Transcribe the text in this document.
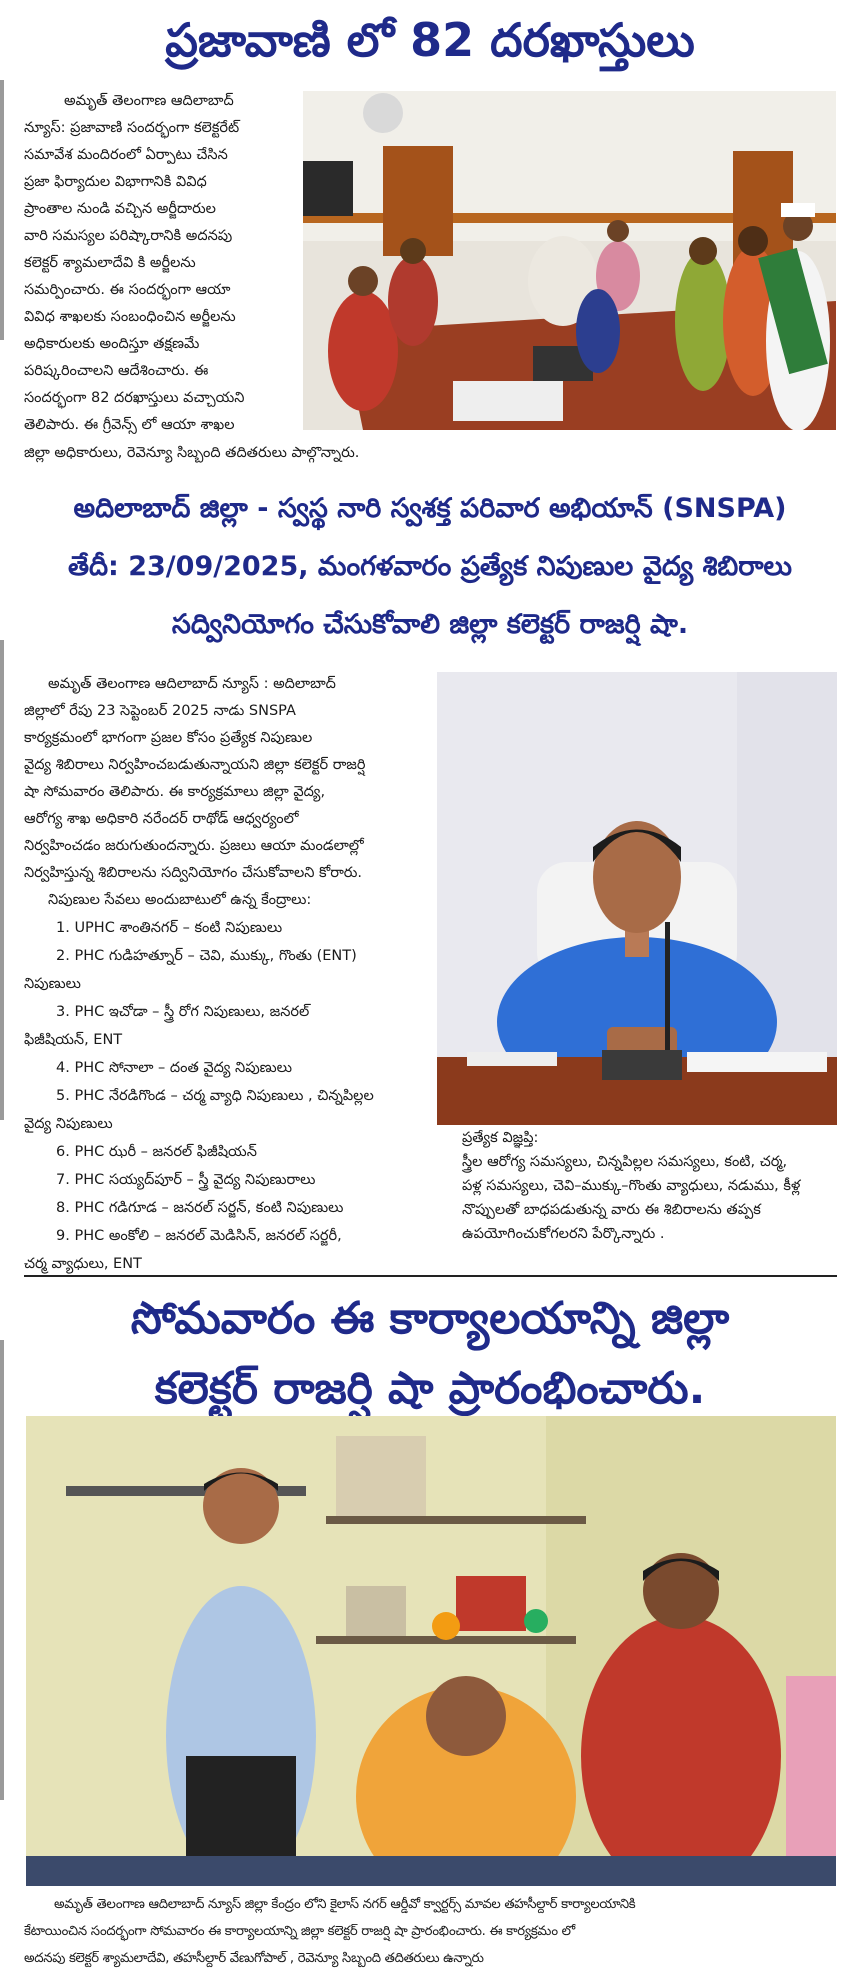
ప్రజావాణి లో 82 దరఖాస్తులు

అమృత్ తెలంగాణ ఆదిలాబాద్

న్యూస్: ప్రజావాణి సందర్భంగా కలెక్టరేట్

సమావేశ మందిరంలో ఏర్పాటు చేసిన

ప్రజా ఫిర్యాదుల విభాగానికి వివిధ

ప్రాంతాల నుండి వచ్చిన అర్జీదారుల

వారి సమస్యల పరిష్కారానికి అదనపు

కలెక్టర్ శ్యామలాదేవి కి అర్జీలను

సమర్పించారు. ఈ సందర్భంగా ఆయా

వివిధ శాఖలకు సంబంధించిన అర్జీలను

అధికారులకు అందిస్తూ తక్షణమే

పరిష్కరించాలని ఆదేశించారు. ఈ

సందర్భంగా 82 దరఖాస్తులు వచ్చాయని

తెలిపారు. ఈ గ్రీవెన్స్ లో ఆయా శాఖల

జిల్లా అధికారులు, రెవెన్యూ సిబ్బంది తదితరులు పాల్గొన్నారు.

అదిలాబాద్ జిల్లా - స్వస్థ నారి స్వశక్త పరివార అభియాన్ (SNSPA)

తేదీ: 23/09/2025, మంగళవారం ప్రత్యేక నిపుణుల వైద్య శిబిరాలు

సద్వినియోగం చేసుకోవాలి జిల్లా కలెక్టర్ రాజర్షి షా.

అమృత్ తెలంగాణ ఆదిలాబాద్ న్యూస్ : అదిలాబాద్

జిల్లాలో రేపు 23 సెప్టెంబర్ 2025 నాడు SNSPA

కార్యక్రమంలో భాగంగా ప్రజల కోసం ప్రత్యేక నిపుణుల

వైద్య శిబిరాలు నిర్వహించబడుతున్నాయని జిల్లా కలెక్టర్ రాజర్షి

షా సోమవారం తెలిపారు. ఈ కార్యక్రమాలు జిల్లా వైద్య,

ఆరోగ్య శాఖ అధికారి నరేందర్ రాథోడ్ ఆధ్వర్యంలో

నిర్వహించడం జరుగుతుందన్నారు. ప్రజలు ఆయా మండలాల్లో

నిర్వహిస్తున్న శిబిరాలను సద్వినియోగం చేసుకోవాలని కోరారు.

నిపుణుల సేవలు అందుబాటులో ఉన్న కేంద్రాలు:

1. UPHC శాంతినగర్ – కంటి నిపుణులు

2. PHC గుడిహత్నూర్ – చెవి, ముక్కు, గొంతు (ENT)

నిపుణులు

3. PHC ఇచోడా – స్త్రీ రోగ నిపుణులు, జనరల్

ఫిజీషియన్, ENT

4. PHC సోనాలా – దంత వైద్య నిపుణులు

5. PHC నేరడిగొండ – చర్మ వ్యాధి నిపుణులు , చిన్నపిల్లల

వైద్య నిపుణులు

6. PHC ఝరీ – జనరల్ ఫిజీషియన్

7. PHC సయ్యద్‌పూర్ – స్త్రీ వైద్య నిపుణురాలు

8. PHC గడిగూడ – జనరల్ సర్జన్, కంటి నిపుణులు

9. PHC అంకోలి – జనరల్ మెడిసిన్, జనరల్ సర్జరీ,

చర్మ వ్యాధులు, ENT

ప్రత్యేక విజ్ఞప్తి:

స్త్రీల ఆరోగ్య సమస్యలు, చిన్నపిల్లల సమస్యలు, కంటి, చర్మ,

పళ్ల సమస్యలు, చెవి–ముక్కు–గొంతు వ్యాధులు, నడుము, కీళ్ల

నొప్పులతో బాధపడుతున్న వారు ఈ శిబిరాలను తప్పక

ఉపయోగించుకోగలరని పేర్కొన్నారు .

సోమవారం ఈ కార్యాలయాన్ని జిల్లా

కలెక్టర్ రాజర్షి షా ప్రారంభించారు.

అమృత్ తెలంగాణ ఆదిలాబాద్ న్యూస్ జిల్లా కేంద్రం లోని కైలాస్ నగర్ ఆర్డీవో క్వార్టర్స్ మావల తహసీల్దార్ కార్యాలయానికి

కేటాయించిన సందర్భంగా సోమవారం ఈ కార్యాలయాన్ని జిల్లా కలెక్టర్ రాజర్షి షా ప్రారంభించారు. ఈ కార్యక్రమం లో

అదనపు కలెక్టర్ శ్యామలాదేవి, తహసీల్దార్ వేణుగోపాల్ , రెవెన్యూ సిబ్బంది తదితరులు ఉన్నారు
